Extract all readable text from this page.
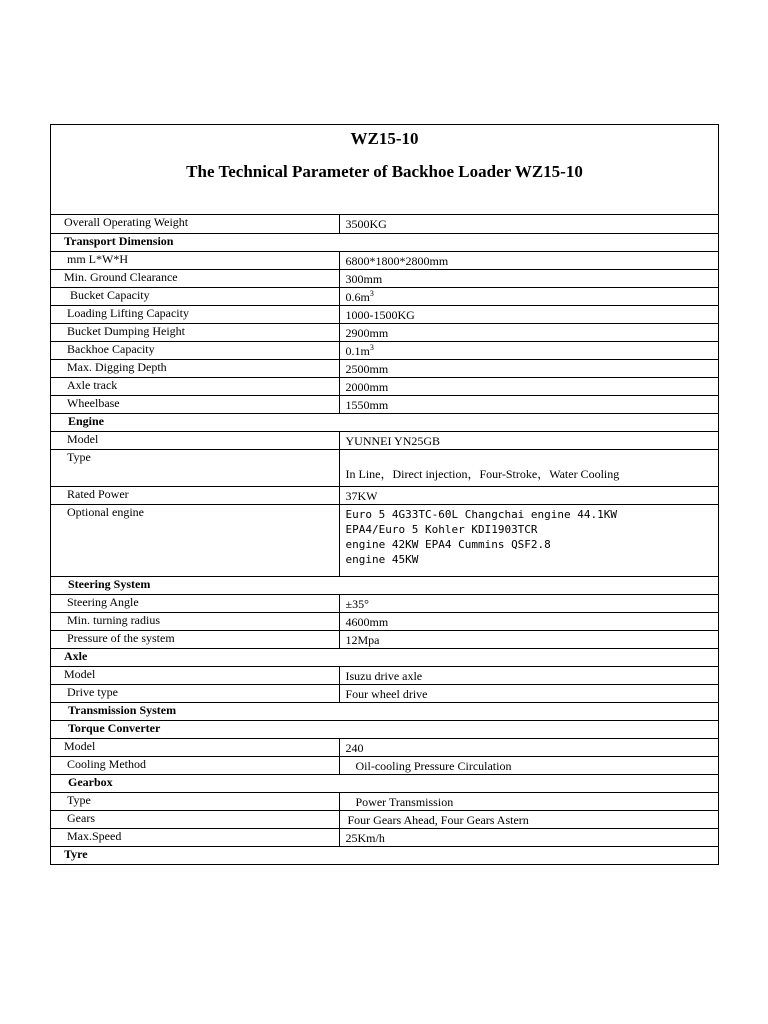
WZ15-10
The Technical Parameter of Backhoe Loader WZ15-10
Overall Operating Weight	3500KG

Transport Dimension	

mm L*W*H	6800*1800*2800mm

Min. Ground Clearance	300mm

Bucket Capacity	$0.6m^3$

Loading Lifting Capacity	1000-1500KG

Bucket Dumping Height	2900mm

Backhoe Capacity	$0.1m^3$

Max. Digging Depth	2500mm

Axle track	2000mm

Wheelbase	1550mm

Engine	

Model	YUNNEI YN25GB

Type	In Line，Direct injection，Four-Stroke，Water Cooling

Rated Power	37KW

Optional engine	Euro 5 4G33TC-60L Changchai engine 44.1KW
EPA4/Euro 5 Kohler KDI1903TCR
engine 42KW EPA4 Cummins QSF2.8
engine 45KW

Steering System	

Steering Angle	±35°

Min. turning radius	4600mm

Pressure of the system	12Mpa

Axle	

Model	Isuzu drive axle

Drive type	Four wheel drive

Transmission System	

Torque Converter	

Model	240

Cooling Method	Oil-cooling Pressure Circulation

Gearbox	

Type	Power Transmission

Gears	Four Gears Ahead, Four Gears Astern

Max.Speed	25Km/h

Tyre	
